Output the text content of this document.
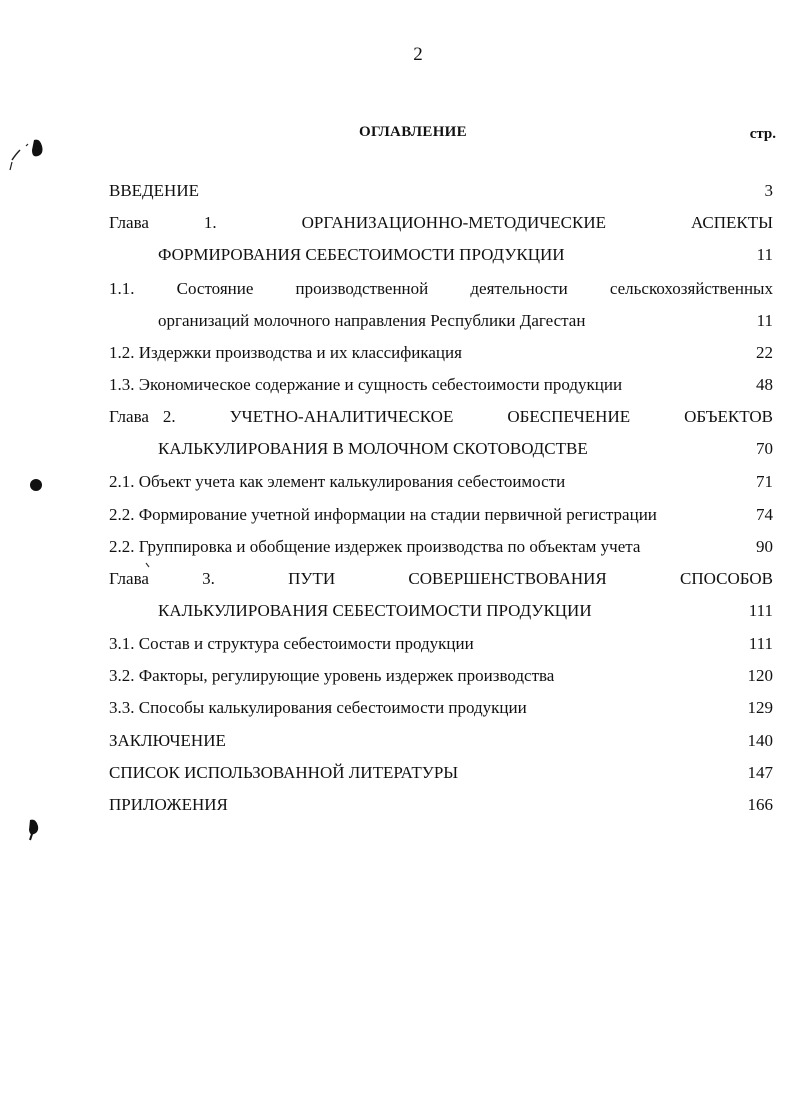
2
ОГЛАВЛЕНИЕ	стр.
ВВЕДЕНИЕ	3
Глава	1.	ОРГАНИЗАЦИОННО-МЕТОДИЧЕСКИЕ	АСПЕКТЫ
ФОРМИРОВАНИЯ СЕБЕСТОИМОСТИ ПРОДУКЦИИ	11
1.1. Состояние производственной деятельности сельскохозяйственных
организаций молочного направления Республики Дагестан	11
1.2. Издержки производства и их классификация	22
1.3. Экономическое содержание и сущность себестоимости продукции	48
Глава 2.	УЧЕТНО-АНАЛИТИЧЕСКОЕ	ОБЕСПЕЧЕНИЕ	ОБЪЕКТОВ
КАЛЬКУЛИРОВАНИЯ В МОЛОЧНОМ СКОТОВОДСТВЕ	70
2.1. Объект учета как элемент калькулирования себестоимости	71
2.2. Формирование учетной информации на стадии первичной регистрации	74
2.2. Группировка и обобщение издержек производства по объектам учета	90
Глава	3.	ПУТИ	СОВЕРШЕНСТВОВАНИЯ	СПОСОБОВ
КАЛЬКУЛИРОВАНИЯ СЕБЕСТОИМОСТИ ПРОДУКЦИИ	111
3.1. Состав и структура себестоимости продукции	111
3.2. Факторы, регулирующие уровень издержек производства	120
3.3. Способы калькулирования себестоимости продукции	129
ЗАКЛЮЧЕНИЕ	140
СПИСОК ИСПОЛЬЗОВАННОЙ ЛИТЕРАТУРЫ	147
ПРИЛОЖЕНИЯ	166
